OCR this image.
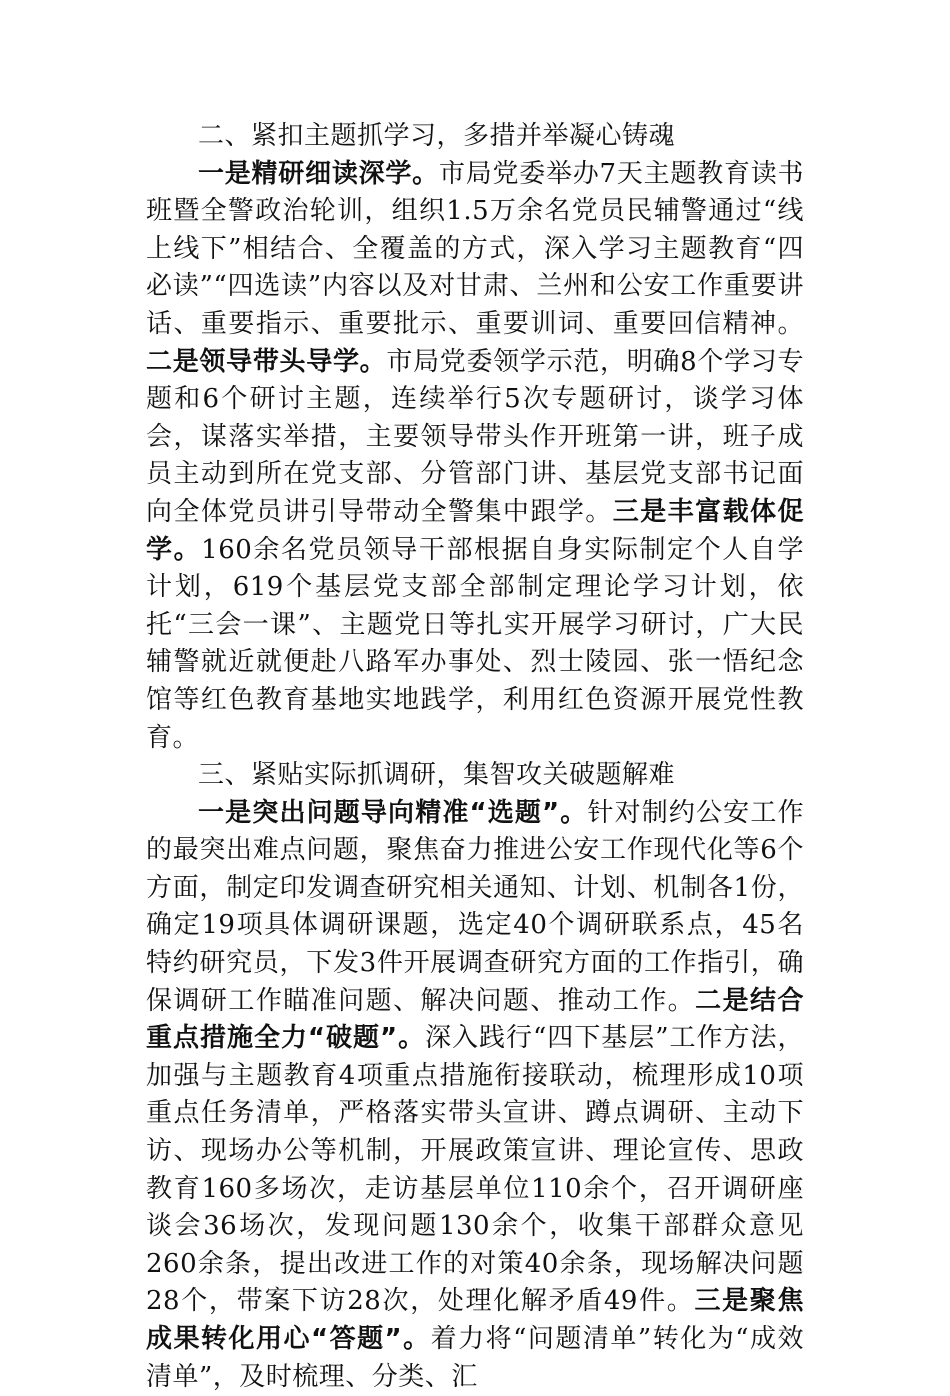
二、紧扣主题抓学习，多措并举凝心铸魂

一是精研细读深学。市局党委举办7天主题教育读书班暨全警政治轮训，组织1.5万余名党员民辅警通过“线上线下”相结合、全覆盖的方式，深入学习主题教育“四必读”“四选读”内容以及对甘肃、兰州和公安工作重要讲话、重要指示、重要批示、重要训词、重要回信精神。二是领导带头导学。市局党委领学示范，明确8个学习专题和6个研讨主题，连续举行5次专题研讨，谈学习体会，谋落实举措，主要领导带头作开班第一讲，班子成员主动到所在党支部、分管部门讲、基层党支部书记面向全体党员讲引导带动全警集中跟学。三是丰富载体促学。160余名党员领导干部根据自身实际制定个人自学计划，619个基层党支部全部制定理论学习计划，依托“三会一课”、主题党日等扎实开展学习研讨，广大民辅警就近就便赴八路军办事处、烈士陵园、张一悟纪念馆等红色教育基地实地践学，利用红色资源开展党性教育。

三、紧贴实际抓调研，集智攻关破题解难

一是突出问题导向精准“选题”。针对制约公安工作的最突出难点问题，聚焦奋力推进公安工作现代化等6个方面，制定印发调查研究相关通知、计划、机制各1份，确定19项具体调研课题，选定40个调研联系点，45名特约研究员，下发3件开展调查研究方面的工作指引，确保调研工作瞄准问题、解决问题、推动工作。二是结合重点措施全力“破题”。深入践行“四下基层”工作方法，加强与主题教育4项重点措施衔接联动，梳理形成10项重点任务清单，严格落实带头宣讲、蹲点调研、主动下访、现场办公等机制，开展政策宣讲、理论宣传、思政教育160多场次，走访基层单位110余个，召开调研座谈会36场次，发现问题130余个，收集干部群众意见260余条，提出改进工作的对策40余条，现场解决问题28个，带案下访28次，处理化解矛盾49件。三是聚焦成果转化用心“答题”。着力将“问题清单”转化为“成效清单”，及时梳理、分类、汇
